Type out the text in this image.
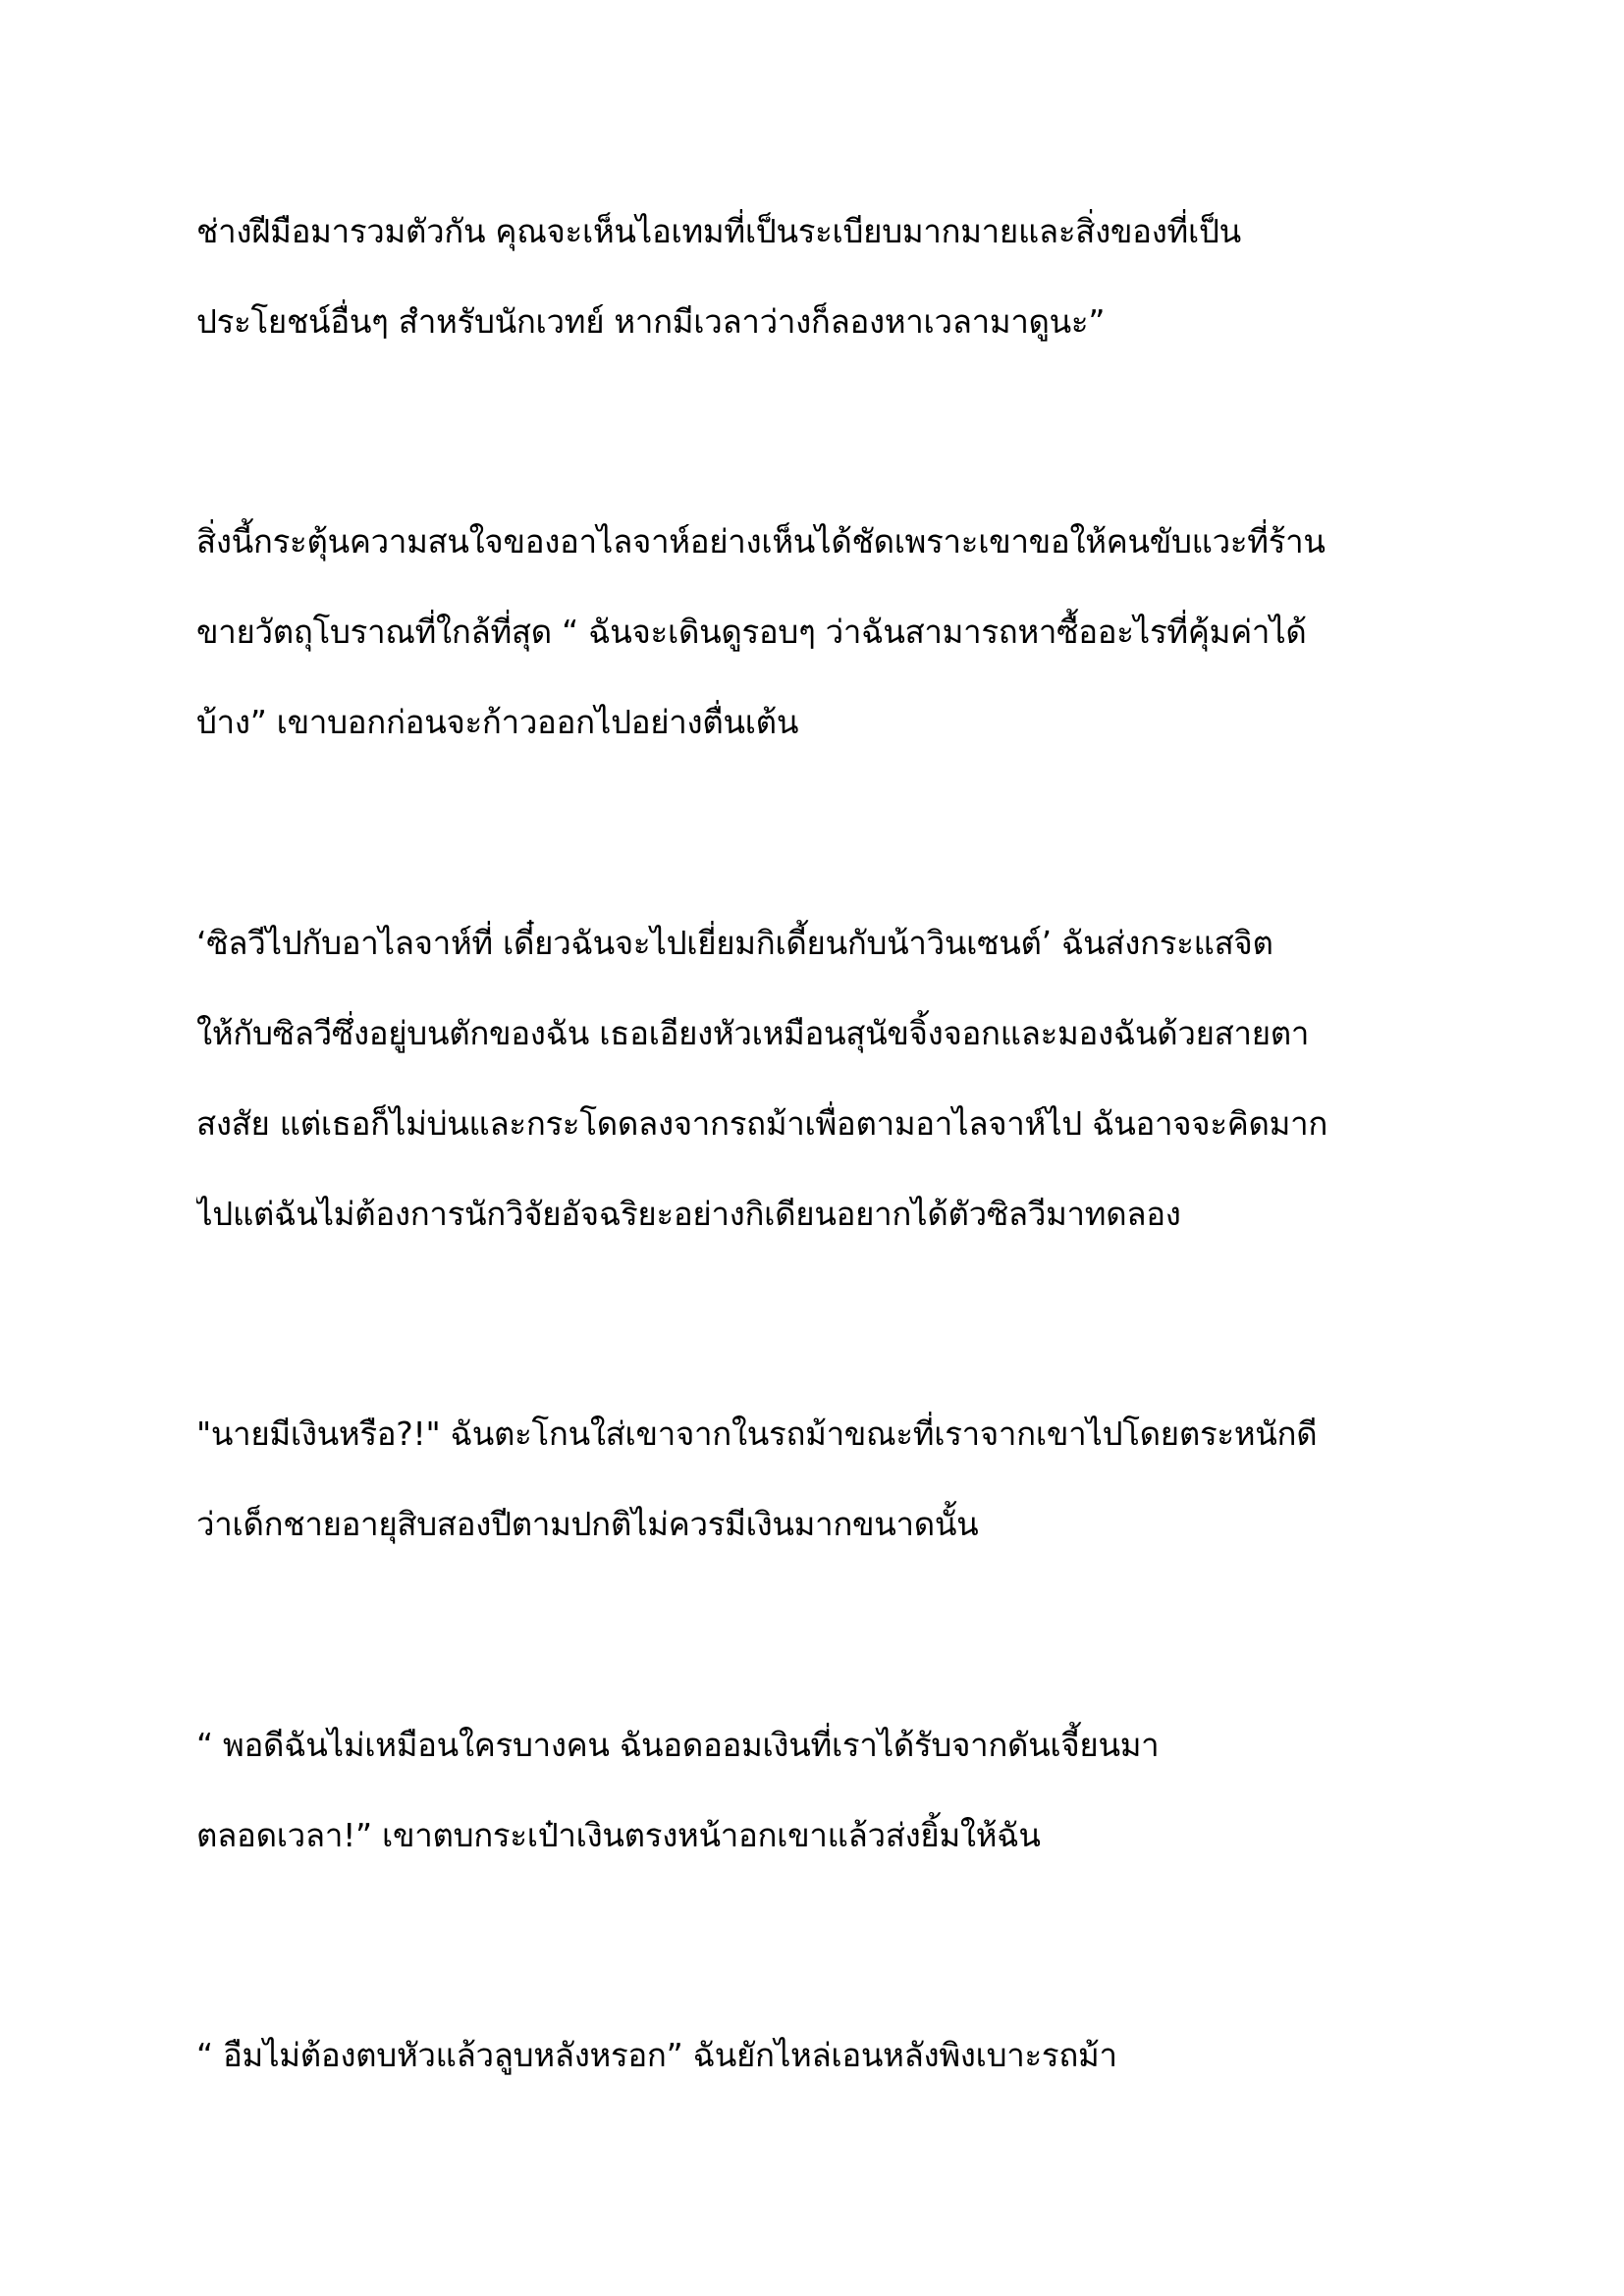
ช่างฝีมือมารวมตัวกัน คุณจะเห็นไอเทมที่เป็นระเบียบมากมายและสิ่งของที่เป็น
ประโยชน์อื่นๆ สำหรับนักเวทย์ หากมีเวลาว่างก็ลองหาเวลามาดูนะ”
สิ่งนี้กระตุ้นความสนใจของอาไลจาห์อย่างเห็นได้ชัดเพราะเขาขอให้คนขับแวะที่ร้าน
ขายวัตถุโบราณที่ใกล้ที่สุด “ ฉันจะเดินดูรอบๆ ว่าฉันสามารถหาซื้ออะไรที่คุ้มค่าได้
บ้าง” เขาบอกก่อนจะก้าวออกไปอย่างตื่นเต้น
‘ซิลวีไปกับอาไลจาห์ที่ เดี๋ยวฉันจะไปเยี่ยมกิเดี้ยนกับน้าวินเซนต์’ ฉันส่งกระแสจิต
ให้กับซิลวีซึ่งอยู่บนตักของฉัน เธอเอียงหัวเหมือนสุนัขจิ้งจอกและมองฉันด้วยสายตา
สงสัย แต่เธอก็ไม่บ่นและกระโดดลงจากรถม้าเพื่อตามอาไลจาห์ไป ฉันอาจจะคิดมาก
ไปแต่ฉันไม่ต้องการนักวิจัยอัจฉริยะอย่างกิเดียนอยากได้ตัวซิลวีมาทดลอง
"นายมีเงินหรือ?!" ฉันตะโกนใส่เขาจากในรถม้าขณะที่เราจากเขาไปโดยตระหนักดี
ว่าเด็กชายอายุสิบสองปีตามปกติไม่ควรมีเงินมากขนาดนั้น
“ พอดีฉันไม่เหมือนใครบางคน ฉันอดออมเงินที่เราได้รับจากดันเจี้ยนมา
ตลอดเวลา!” เขาตบกระเป๋าเงินตรงหน้าอกเขาแล้วส่งยิ้มให้ฉัน
“ อืมไม่ต้องตบหัวแล้วลูบหลังหรอก” ฉันยักไหล่เอนหลังพิงเบาะรถม้า
